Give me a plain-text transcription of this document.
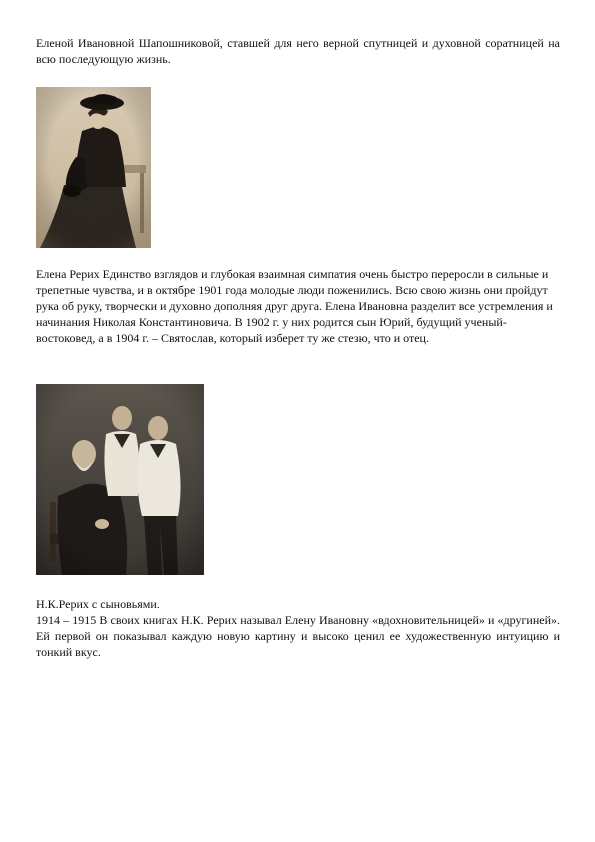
Еленой Ивановной Шапошниковой, ставшей для него верной спутницей и духовной соратницей на всю последующую жизнь.

Елена Рерих Единство взглядов и глубокая взаимная симпатия очень быстро переросли в сильные и трепетные чувства, и в октябре 1901 года молодые люди поженились. Всю свою жизнь они пройдут рука об руку, творчески и духовно дополняя друг друга. Елена Ивановна разделит все устремления и начинания Николая Константиновича. В 1902 г. у них родится сын Юрий, будущий ученый-востоковед, а в 1904 г. – Святослав, который изберет ту же стезю, что и отец.

Н.К.Рерих с сыновьями.

1914 – 1915 В своих книгах Н.К. Рерих называл Елену Ивановну «вдохновительницей» и «другиней». Ей первой он показывал каждую новую картину и высоко ценил ее художественную интуицию и тонкий вкус.
